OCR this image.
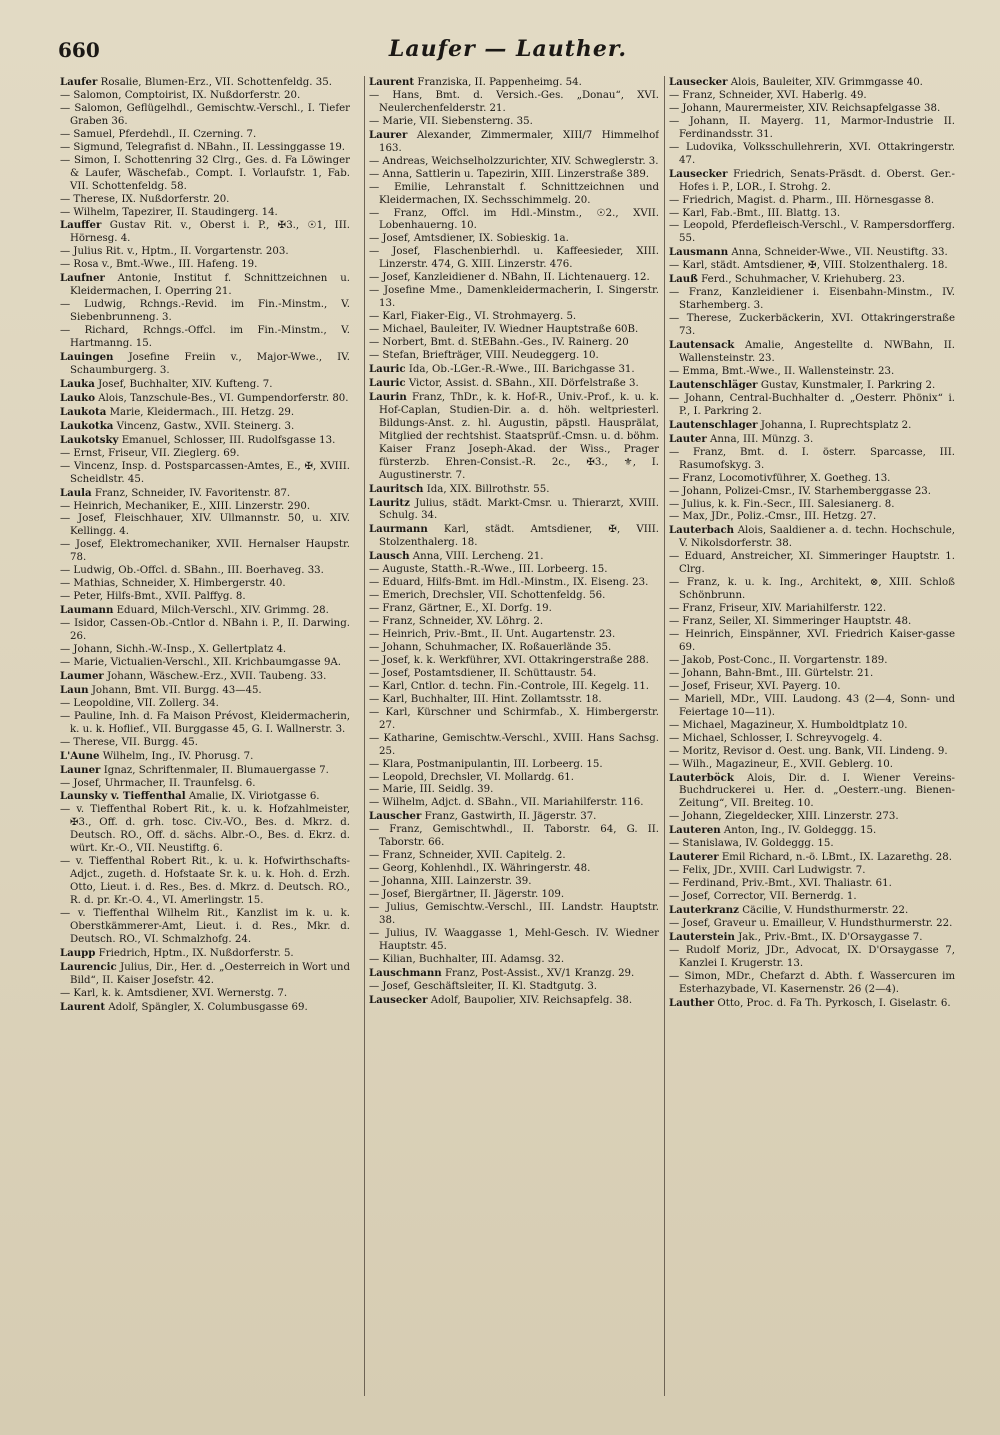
660	Laufer — Lauther.

Laufer Rosalie, Blumen-Erz., VII. Schottenfeldg. 35.

— Salomon, Comptoirist, IX. Nußdorferstr. 20.

— Salomon, Geflügelhdl., Gemischtw.-Verschl., I. Tiefer Graben 36.

— Samuel, Pferdehdl., II. Czerning. 7.

— Sigmund, Telegrafist d. NBahn., II. Lessinggasse 19.

— Simon, I. Schottenring 32 Clrg., Ges. d. Fa Löwinger & Laufer, Wäschefab., Compt. I. Vorlaufstr. 1, Fab. VII. Schottenfeldg. 58.

— Therese, IX. Nußdorferstr. 20.

— Wilhelm, Tapezirer, II. Staudingerg. 14.

Lauffer Gustav Rit. v., Oberst i. P., ✠3., ☉1, III. Hörnesg. 4.

— Julius Rit. v., Hptm., II. Vorgartenstr. 203.

— Rosa v., Bmt.-Wwe., III. Hafeng. 19.

Laufner Antonie, Institut f. Schnittzeichnen u. Kleidermachen, I. Operring 21.

— Ludwig, Rchngs.-Revid. im Fin.-Minstm., V. Siebenbrunneng. 3.

— Richard, Rchngs.-Offcl. im Fin.-Minstm., V. Hartmanng. 15.

Lauingen Josefine Freiin v., Major-Wwe., IV. Schaumburgerg. 3.

Lauka Josef, Buchhalter, XIV. Kufteng. 7.

Lauko Alois, Tanzschule-Bes., VI. Gumpendorferstr. 80.

Laukota Marie, Kleidermach., III. Hetzg. 29.

Laukotka Vincenz, Gastw., XVII. Steinerg. 3.

Laukotsky Emanuel, Schlosser, III. Rudolfsgasse 13.

— Ernst, Friseur, VII. Zieglerg. 69.

— Vincenz, Insp. d. Postsparcassen-Amtes, E., ✠, XVIII. Scheidlstr. 45.

Laula Franz, Schneider, IV. Favoritenstr. 87.

— Heinrich, Mechaniker, E., XIII. Linzerstr. 290.

— Josef, Fleischhauer, XIV. Ullmannstr. 50, u. XIV. Kellingg. 4.

— Josef, Elektromechaniker, XVII. Hernalser Haupstr. 78.

— Ludwig, Ob.-Offcl. d. SBahn., III. Boerhaveg. 33.

— Mathias, Schneider, X. Himbergerstr. 40.

— Peter, Hilfs-Bmt., XVII. Palffyg. 8.

Laumann Eduard, Milch-Verschl., XIV. Grimmg. 28.

— Isidor, Cassen-Ob.-Cntlor d. NBahn i. P., II. Darwing. 26.

— Johann, Sichh.-W.-Insp., X. Gellertplatz 4.

— Marie, Victualien-Verschl., XII. Krichbaumgasse 9A.

Laumer Johann, Wäschew.-Erz., XVII. Taubeng. 33.

Laun Johann, Bmt. VII. Burgg. 43—45.

— Leopoldine, VII. Zollerg. 34.

— Pauline, Inh. d. Fa Maison Prévost, Kleidermacherin, k. u. k. Hoflief., VII. Burggasse 45, G. I. Wallnerstr. 3.

— Therese, VII. Burgg. 45.

L'Aune Wilhelm, Ing., IV. Phorusg. 7.

Launer Ignaz, Schriftenmaler, II. Blumauergasse 7.

— Josef, Uhrmacher, II. Traunfelsg. 6.

Launsky v. Tieffenthal Amalie, IX. Viriotgasse 6.

— v. Tieffenthal Robert Rit., k. u. k. Hofzahlmeister, ✠3., Off. d. grh. tosc. Civ.-VO., Bes. d. Mkrz. d. Deutsch. RO., Off. d. sächs. Albr.-O., Bes. d. Ekrz. d. würt. Kr.-O., VII. Neustiftg. 6.

— v. Tieffenthal Robert Rit., k. u. k. Hofwirthschafts-Adjct., zugeth. d. Hofstaate Sr. k. u. k. Hoh. d. Erzh. Otto, Lieut. i. d. Res., Bes. d. Mkrz. d. Deutsch. RO., R. d. pr. Kr.-O. 4., VI. Amerlingstr. 15.

— v. Tieffenthal Wilhelm Rit., Kanzlist im k. u. k. Oberstkämmerer-Amt, Lieut. i. d. Res., Mkr. d. Deutsch. RO., VI. Schmalzhofg. 24.

Laupp Friedrich, Hptm., IX. Nußdorferstr. 5.

Laurencic Julius, Dir., Her. d. „Oesterreich in Wort und Bild“, II. Kaiser Josefstr. 42.

— Karl, k. k. Amtsdiener, XVI. Wernerstg. 7.

Laurent Adolf, Spängler, X. Columbusgasse 69.

Laurent Franziska, II. Pappenheimg. 54.

— Hans, Bmt. d. Versich.-Ges. „Donau“, XVI. Neulerchenfelderstr. 21.

— Marie, VII. Siebensterng. 35.

Laurer Alexander, Zimmermaler, XIII/7 Himmelhof 163.

— Andreas, Weichselholzzurichter, XIV. Schweglerstr. 3.

— Anna, Sattlerin u. Tapezirin, XIII. Linzerstraße 389.

— Emilie, Lehranstalt f. Schnittzeichnen und Kleidermachen, IX. Sechsschimmelg. 20.

— Franz, Offcl. im Hdl.-Minstm., ☉2., XVII. Lobenhauerng. 10.

— Josef, Amtsdiener, IX. Sobieskig. 1a.

— Josef, Flaschenbierhdl. u. Kaffeesieder, XIII. Linzerstr. 474, G. XIII. Linzerstr. 476.

— Josef, Kanzleidiener d. NBahn, II. Lichtenauerg. 12.

— Josefine Mme., Damenkleidermacherin, I. Singerstr. 13.

— Karl, Fiaker-Eig., VI. Strohmayerg. 5.

— Michael, Bauleiter, IV. Wiedner Hauptstraße 60B.

— Norbert, Bmt. d. StEBahn.-Ges., IV. Rainerg. 20

— Stefan, Briefträger, VIII. Neudeggerg. 10.

Lauric Ida, Ob.-LGer.-R.-Wwe., III. Barichgasse 31.

Lauric Victor, Assist. d. SBahn., XII. Dörfelstraße 3.

Laurin Franz, ThDr., k. k. Hof-R., Univ.-Prof., k. u. k. Hof-Caplan, Studien-Dir. a. d. höh. weltpriesterl. Bildungs-Anst. z. hl. Augustin, päpstl. Hausprälat, Mitglied der rechtshist. Staatsprüf.-Cmsn. u. d. böhm. Kaiser Franz Joseph-Akad. der Wiss., Prager fürsterzb. Ehren-Consist.-R. 2c., ✠3., ⚜, I. Augustinerstr. 7.

Lauritsch Ida, XIX. Billrothstr. 55.

Lauritz Julius, städt. Markt-Cmsr. u. Thierarzt, XVIII. Schulg. 34.

Laurmann Karl, städt. Amtsdiener, ✠, VIII. Stolzenthalerg. 18.

Lausch Anna, VIII. Lercheng. 21.

— Auguste, Statth.-R.-Wwe., III. Lorbeerg. 15.

— Eduard, Hilfs-Bmt. im Hdl.-Minstm., IX. Eiseng. 23.

— Emerich, Drechsler, VII. Schottenfeldg. 56.

— Franz, Gärtner, E., XI. Dorfg. 19.

— Franz, Schneider, XV. Löhrg. 2.

— Heinrich, Priv.-Bmt., II. Unt. Augartenstr. 23.

— Johann, Schuhmacher, IX. Roßauerlände 35.

— Josef, k. k. Werkführer, XVI. Ottakringerstraße 288.

— Josef, Postamtsdiener, II. Schüttaustr. 54.

— Karl, Cntlor. d. techn. Fin.-Controle, III. Kegelg. 11.

— Karl, Buchhalter, III. Hint. Zollamtsstr. 18.

— Karl, Kürschner und Schirmfab., X. Himbergerstr. 27.

— Katharine, Gemischtw.-Verschl., XVIII. Hans Sachsg. 25.

— Klara, Postmanipulantin, III. Lorbeerg. 15.

— Leopold, Drechsler, VI. Mollardg. 61.

— Marie, III. Seidlg. 39.

— Wilhelm, Adjct. d. SBahn., VII. Mariahilferstr. 116.

Lauscher Franz, Gastwirth, II. Jägerstr. 37.

— Franz, Gemischtwhdl., II. Taborstr. 64, G. II. Taborstr. 66.

— Franz, Schneider, XVII. Capitelg. 2.

— Georg, Kohlenhdl., IX. Währingerstr. 48.

— Johanna, XIII. Lainzerstr. 39.

— Josef, Biergärtner, II. Jägerstr. 109.

— Julius, Gemischtw.-Verschl., III. Landstr. Hauptstr. 38.

— Julius, IV. Waaggasse 1, Mehl-Gesch. IV. Wiedner Hauptstr. 45.

— Kilian, Buchhalter, III. Adamsg. 32.

Lauschmann Franz, Post-Assist., XV/1 Kranzg. 29.

— Josef, Geschäftsleiter, II. Kl. Stadtgutg. 3.

Lausecker Adolf, Baupolier, XIV. Reichsapfelg. 38.

Lausecker Alois, Bauleiter, XIV. Grimmgasse 40.

— Franz, Schneider, XVI. Haberlg. 49.

— Johann, Maurermeister, XIV. Reichsapfelgasse 38.

— Johann, II. Mayerg. 11, Marmor-Industrie II. Ferdinandsstr. 31.

— Ludovika, Volksschullehrerin, XVI. Ottakringerstr. 47.

Lausecker Friedrich, Senats-Präsdt. d. Oberst. Ger.-Hofes i. P., LOR., I. Strohg. 2.

— Friedrich, Magist. d. Pharm., III. Hörnesgasse 8.

— Karl, Fab.-Bmt., III. Blattg. 13.

— Leopold, Pferdefleisch-Verschl., V. Rampersdorfferg. 55.

Lausmann Anna, Schneider-Wwe., VII. Neustiftg. 33.

— Karl, städt. Amtsdiener, ✠, VIII. Stolzenthalerg. 18.

Lauß Ferd., Schuhmacher, V. Kriehuberg. 23.

— Franz, Kanzleidiener i. Eisenbahn-Minstm., IV. Starhemberg. 3.

— Therese, Zuckerbäckerin, XVI. Ottakringerstraße 73.

Lautensack Amalie, Angestellte d. NWBahn, II. Wallensteinstr. 23.

— Emma, Bmt.-Wwe., II. Wallensteinstr. 23.

Lautenschläger Gustav, Kunstmaler, I. Parkring 2.

— Johann, Central-Buchhalter d. „Oesterr. Phönix“ i. P., I. Parkring 2.

Lautenschlager Johanna, I. Ruprechtsplatz 2.

Lauter Anna, III. Münzg. 3.

— Franz, Bmt. d. I. österr. Sparcasse, III. Rasumofskyg. 3.

— Franz, Locomotivführer, X. Goetheg. 13.

— Johann, Polizei-Cmsr., IV. Starhemberggasse 23.

— Julius, k. k. Fin.-Secr., III. Salesianerg. 8.

— Max, JDr., Poliz.-Cmsr., III. Hetzg. 27.

Lauterbach Alois, Saaldiener a. d. techn. Hochschule, V. Nikolsdorferstr. 38.

— Eduard, Anstreicher, XI. Simmeringer Hauptstr. 1. Clrg.

— Franz, k. u. k. Ing., Architekt, ⊗, XIII. Schloß Schönbrunn.

— Franz, Friseur, XIV. Mariahilferstr. 122.

— Franz, Seiler, XI. Simmeringer Hauptstr. 48.

— Heinrich, Einspänner, XVI. Friedrich Kaiser-gasse 69.

— Jakob, Post-Conc., II. Vorgartenstr. 189.

— Johann, Bahn-Bmt., III. Gürtelstr. 21.

— Josef, Friseur, XVI. Payerg. 10.

— Mariell, MDr., VIII. Laudong. 43 (2—4, Sonn- und Feiertage 10—11).

— Michael, Magazineur, X. Humboldtplatz 10.

— Michael, Schlosser, I. Schreyvogelg. 4.

— Moritz, Revisor d. Oest. ung. Bank, VII. Lindeng. 9.

— Wilh., Magazineur, E., XVII. Geblerg. 10.

Lauterböck Alois, Dir. d. I. Wiener Vereins-Buchdruckerei u. Her. d. „Oesterr.-ung. Bienen-Zeitung“, VII. Breiteg. 10.

— Johann, Ziegeldecker, XIII. Linzerstr. 273.

Lauteren Anton, Ing., IV. Goldeggg. 15.

— Stanislawa, IV. Goldeggg. 15.

Lauterer Emil Richard, n.-ö. LBmt., IX. Lazarethg. 28.

— Felix, JDr., XVIII. Carl Ludwigstr. 7.

— Ferdinand, Priv.-Bmt., XVI. Thaliastr. 61.

— Josef, Corrector, VII. Bernerdg. 1.

Lauterkranz Cäcilie, V. Hundsthurmerstr. 22.

— Josef, Graveur u. Emailleur, V. Hundsthurmerstr. 22.

Lauterstein Jak., Priv.-Bmt., IX. D'Orsaygasse 7.

— Rudolf Moriz, JDr., Advocat, IX. D'Orsaygasse 7, Kanzlei I. Krugerstr. 13.

— Simon, MDr., Chefarzt d. Abth. f. Wassercuren im Esterhazybade, VI. Kasernenstr. 26 (2—4).

Lauther Otto, Proc. d. Fa Th. Pyrkosch, I. Giselastr. 6.
